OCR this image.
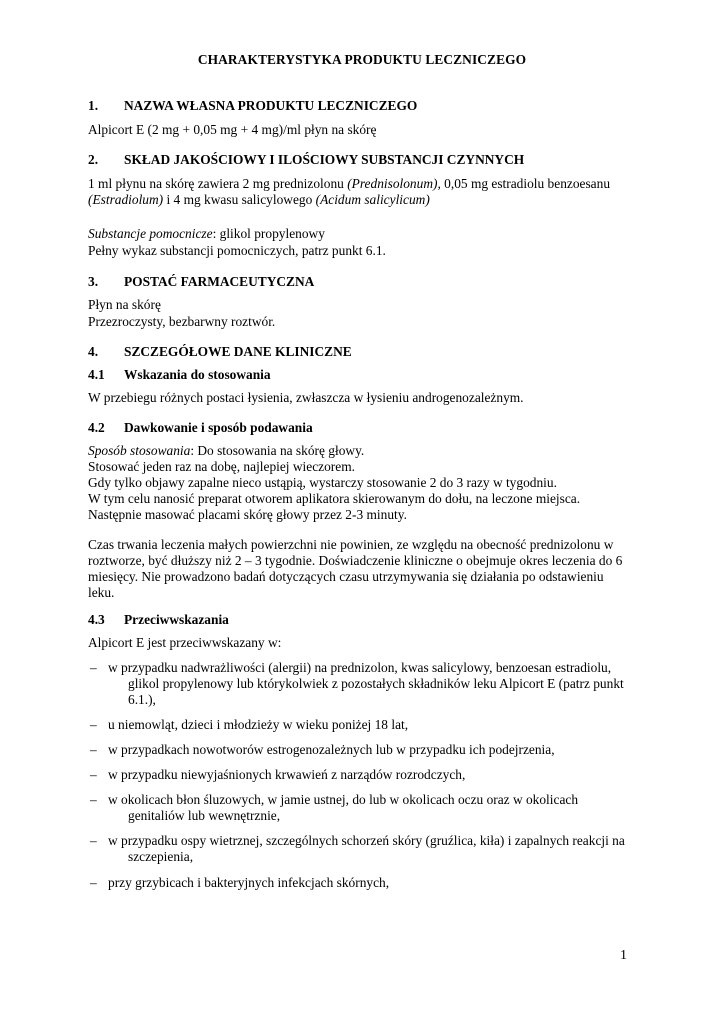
CHARAKTERYSTYKA PRODUKTU LECZNICZEGO

1. NAZWA WŁASNA PRODUKTU LECZNICZEGO

Alpicort E (2 mg + 0,05 mg + 4 mg)/ml płyn na skórę

2. SKŁAD JAKOŚCIOWY I ILOŚCIOWY SUBSTANCJI CZYNNYCH

1 ml płynu na skórę zawiera 2 mg prednizolonu (Prednisolonum), 0,05 mg estradiolu benzoesanu
(Estradiolum) i 4 mg kwasu salicylowego (Acidum salicylicum)

Substancje pomocnicze: glikol propylenowy

Pełny wykaz substancji pomocniczych, patrz punkt 6.1.

3. POSTAĆ FARMACEUTYCZNA

Płyn na skórę

Przezroczysty, bezbarwny roztwór.

4. SZCZEGÓŁOWE DANE KLINICZNE

4.1 Wskazania do stosowania

W przebiegu różnych postaci łysienia, zwłaszcza w łysieniu androgenozależnym.

4.2 Dawkowanie i sposób podawania

Sposób stosowania: Do stosowania na skórę głowy.

Stosować jeden raz na dobę, najlepiej wieczorem.

Gdy tylko objawy zapalne nieco ustąpią, wystarczy stosowanie 2 do 3 razy w tygodniu.

W tym celu nanosić preparat otworem aplikatora skierowanym do dołu, na leczone miejsca.

Następnie masować placami skórę głowy przez 2-3 minuty.

Czas trwania leczenia małych powierzchni nie powinien, ze względu na obecność prednizolonu w

roztworze, być dłuższy niż 2 – 3 tygodnie. Doświadczenie kliniczne o obejmuje okres leczenia do 6

miesięcy. Nie prowadzono badań dotyczących czasu utrzymywania się działania po odstawieniu

leku.

4.3 Przeciwwskazania

Alpicort E jest przeciwwskazany w:

– w przypadku nadwrażliwości (alergii) na prednizolon, kwas salicylowy, benzoesan estradiolu,
glikol propylenowy lub którykolwiek z pozostałych składników leku Alpicort E (patrz punkt
6.1.),
– u niemowląt, dzieci i młodzieży w wieku poniżej 18 lat,
– w przypadkach nowotworów estrogenozależnych lub w przypadku ich podejrzenia,
– w przypadku niewyjaśnionych krwawień z narządów rozrodczych,
– w okolicach błon śluzowych, w jamie ustnej, do lub w okolicach oczu oraz w okolicach
genitaliów lub wewnętrznie,
– w przypadku ospy wietrznej, szczególnych schorzeń skóry (gruźlica, kiła) i zapalnych reakcji na
szczepienia,
– przy grzybicach i bakteryjnych infekcjach skórnych,
1
